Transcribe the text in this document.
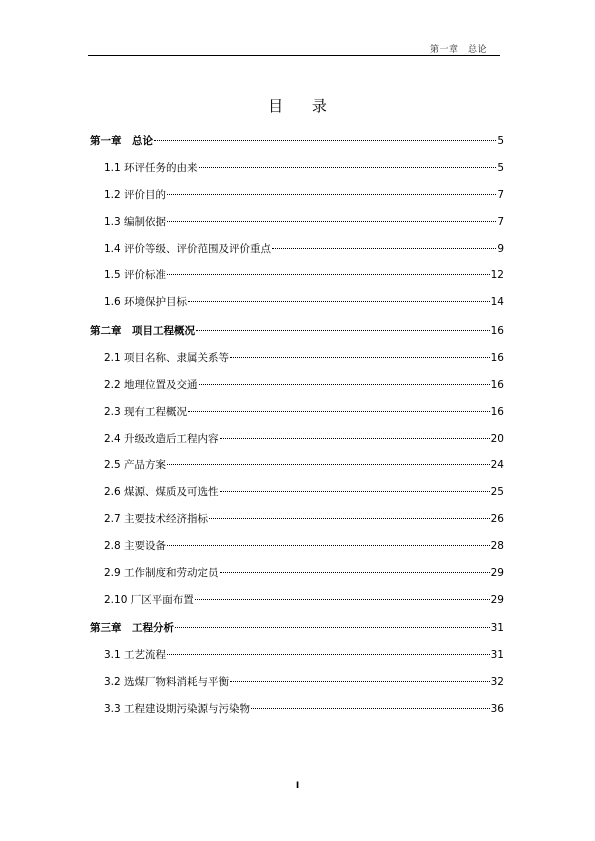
第一章　总论
目 录
第一章　总论	5
1.1 环评任务的由来	5
1.2 评价目的	7
1.3 编制依据	7
1.4 评价等级、评价范围及评价重点	9
1.5 评价标准	12
1.6 环境保护目标	14
第二章　项目工程概况	16
2.1 项目名称、隶属关系等	16
2.2 地理位置及交通	16
2.3 现有工程概况	16
2.4 升级改造后工程内容	20
2.5 产品方案	24
2.6 煤源、煤质及可选性	25
2.7 主要技术经济指标	26
2.8 主要设备	28
2.9 工作制度和劳动定员	29
2.10 厂区平面布置	29
第三章　工程分析	31
3.1 工艺流程	31
3.2 选煤厂物料消耗与平衡	32
3.3 工程建设期污染源与污染物	36
I
